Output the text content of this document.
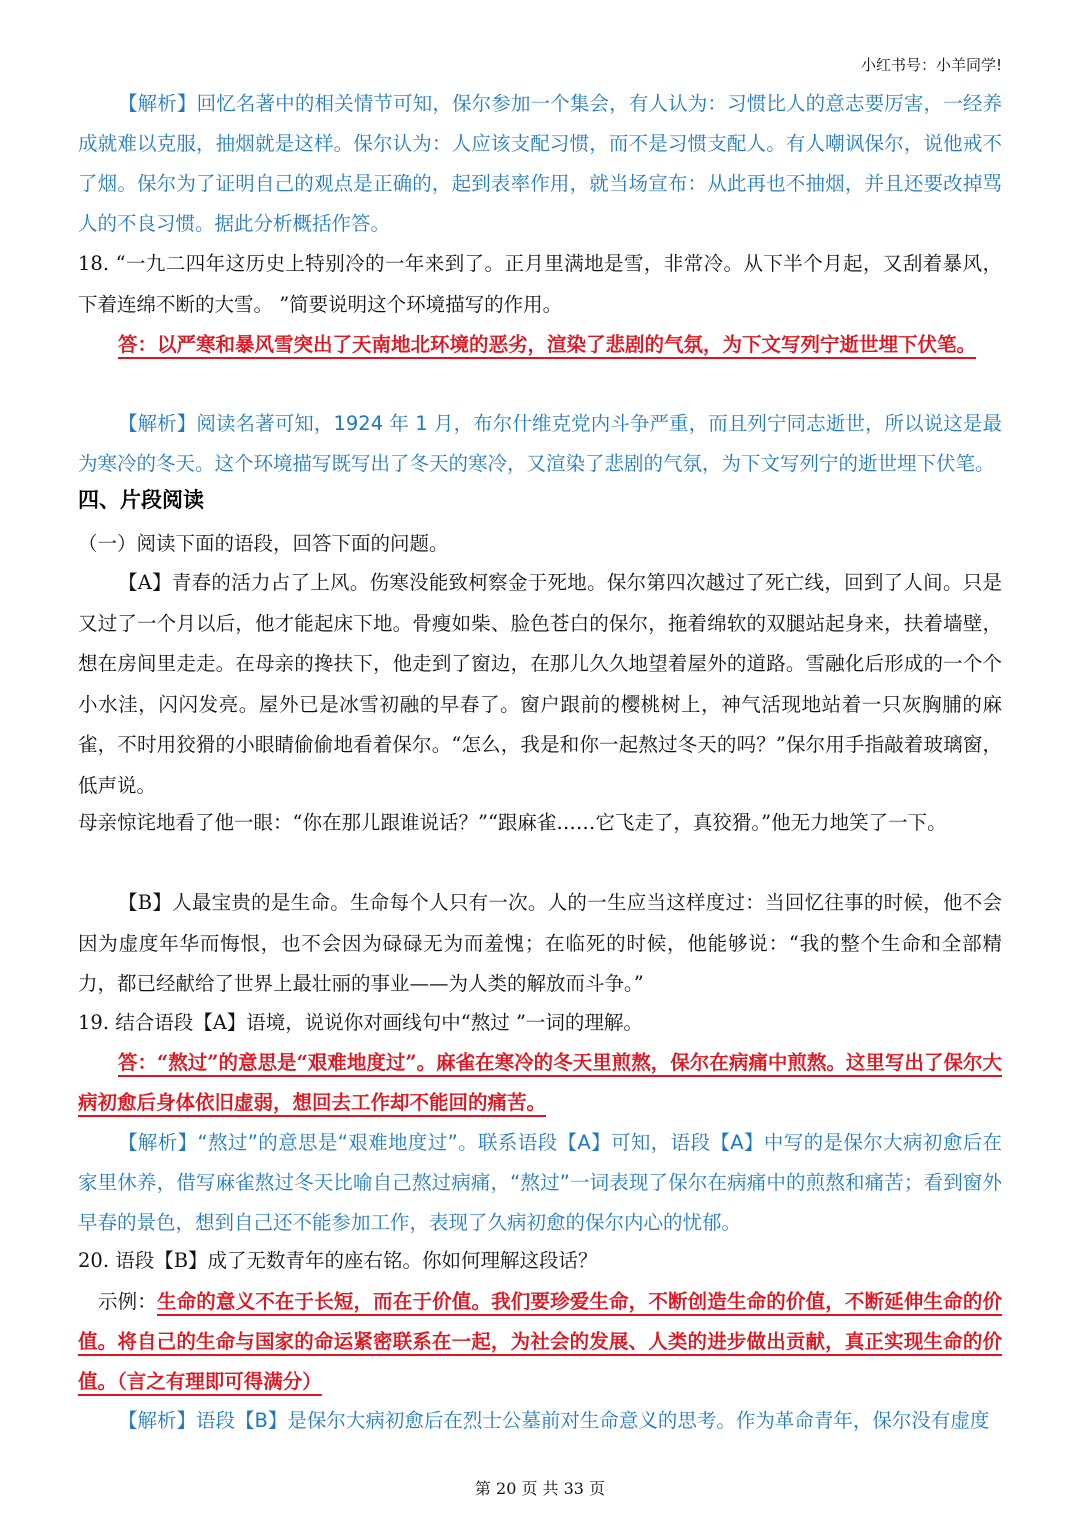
小红书号：小羊同学!

【解析】回忆名著中的相关情节可知，保尔参加一个集会，有人认为：习惯比人的意志要厉害，一经养成就难以克服，抽烟就是这样。保尔认为：人应该支配习惯，而不是习惯支配人。有人嘲讽保尔，说他戒不了烟。保尔为了证明自己的观点是正确的，起到表率作用，就当场宣布：从此再也不抽烟，并且还要改掉骂人的不良习惯。据此分析概括作答。

18. “一九二四年这历史上特别冷的一年来到了。正月里满地是雪，非常冷。从下半个月起，又刮着暴风，下着连绵不断的大雪。 ”简要说明这个环境描写的作用。

答：以严寒和暴风雪突出了天南地北环境的恶劣，渲染了悲剧的气氛，为下文写列宁逝世埋下伏笔。

【解析】阅读名著可知，1924 年 1 月，布尔什维克党内斗争严重，而且列宁同志逝世，所以说这是最为寒冷的冬天。这个环境描写既写出了冬天的寒冷，又渲染了悲剧的气氛，为下文写列宁的逝世埋下伏笔。

四、片段阅读

（一）阅读下面的语段，回答下面的问题。

【A】青春的活力占了上风。伤寒没能致柯察金于死地。保尔第四次越过了死亡线，回到了人间。只是又过了一个月以后，他才能起床下地。骨瘦如柴、脸色苍白的保尔，拖着绵软的双腿站起身来，扶着墙壁，想在房间里走走。在母亲的搀扶下，他走到了窗边，在那儿久久地望着屋外的道路。雪融化后形成的一个个小水洼，闪闪发亮。屋外已是冰雪初融的早春了。窗户跟前的樱桃树上，神气活现地站着一只灰胸脯的麻雀，不时用狡猾的小眼睛偷偷地看着保尔。“怎么，我是和你一起熬过冬天的吗？”保尔用手指敲着玻璃窗，低声说。

母亲惊诧地看了他一眼：“你在那儿跟谁说话？”“跟麻雀……它飞走了，真狡猾。”他无力地笑了一下。

【B】人最宝贵的是生命。生命每个人只有一次。人的一生应当这样度过：当回忆往事的时候，他不会因为虚度年华而悔恨，也不会因为碌碌无为而羞愧；在临死的时候，他能够说：“我的整个生命和全部精力，都已经献给了世界上最壮丽的事业——为人类的解放而斗争。”

19. 结合语段【A】语境，说说你对画线句中“熬过 ”一词的理解。

答：“熬过”的意思是“艰难地度过”。麻雀在寒冷的冬天里煎熬，保尔在病痛中煎熬。这里写出了保尔大病初愈后身体依旧虚弱，想回去工作却不能回的痛苦。

【解析】“熬过”的意思是“艰难地度过”。联系语段【A】可知，语段【A】中写的是保尔大病初愈后在家里休养，借写麻雀熬过冬天比喻自己熬过病痛，“熬过”一词表现了保尔在病痛中的煎熬和痛苦；看到窗外早春的景色，想到自己还不能参加工作，表现了久病初愈的保尔内心的忧郁。

20. 语段【B】成了无数青年的座右铭。你如何理解这段话？

示例：生命的意义不在于长短，而在于价值。我们要珍爱生命，不断创造生命的价值，不断延伸生命的价值。将自己的生命与国家的命运紧密联系在一起，为社会的发展、人类的进步做出贡献，真正实现生命的价值。（言之有理即可得满分）

【解析】语段【B】是保尔大病初愈后在烈士公墓前对生命意义的思考。作为革命青年，保尔没有虚度

第 20 页 共 33 页
